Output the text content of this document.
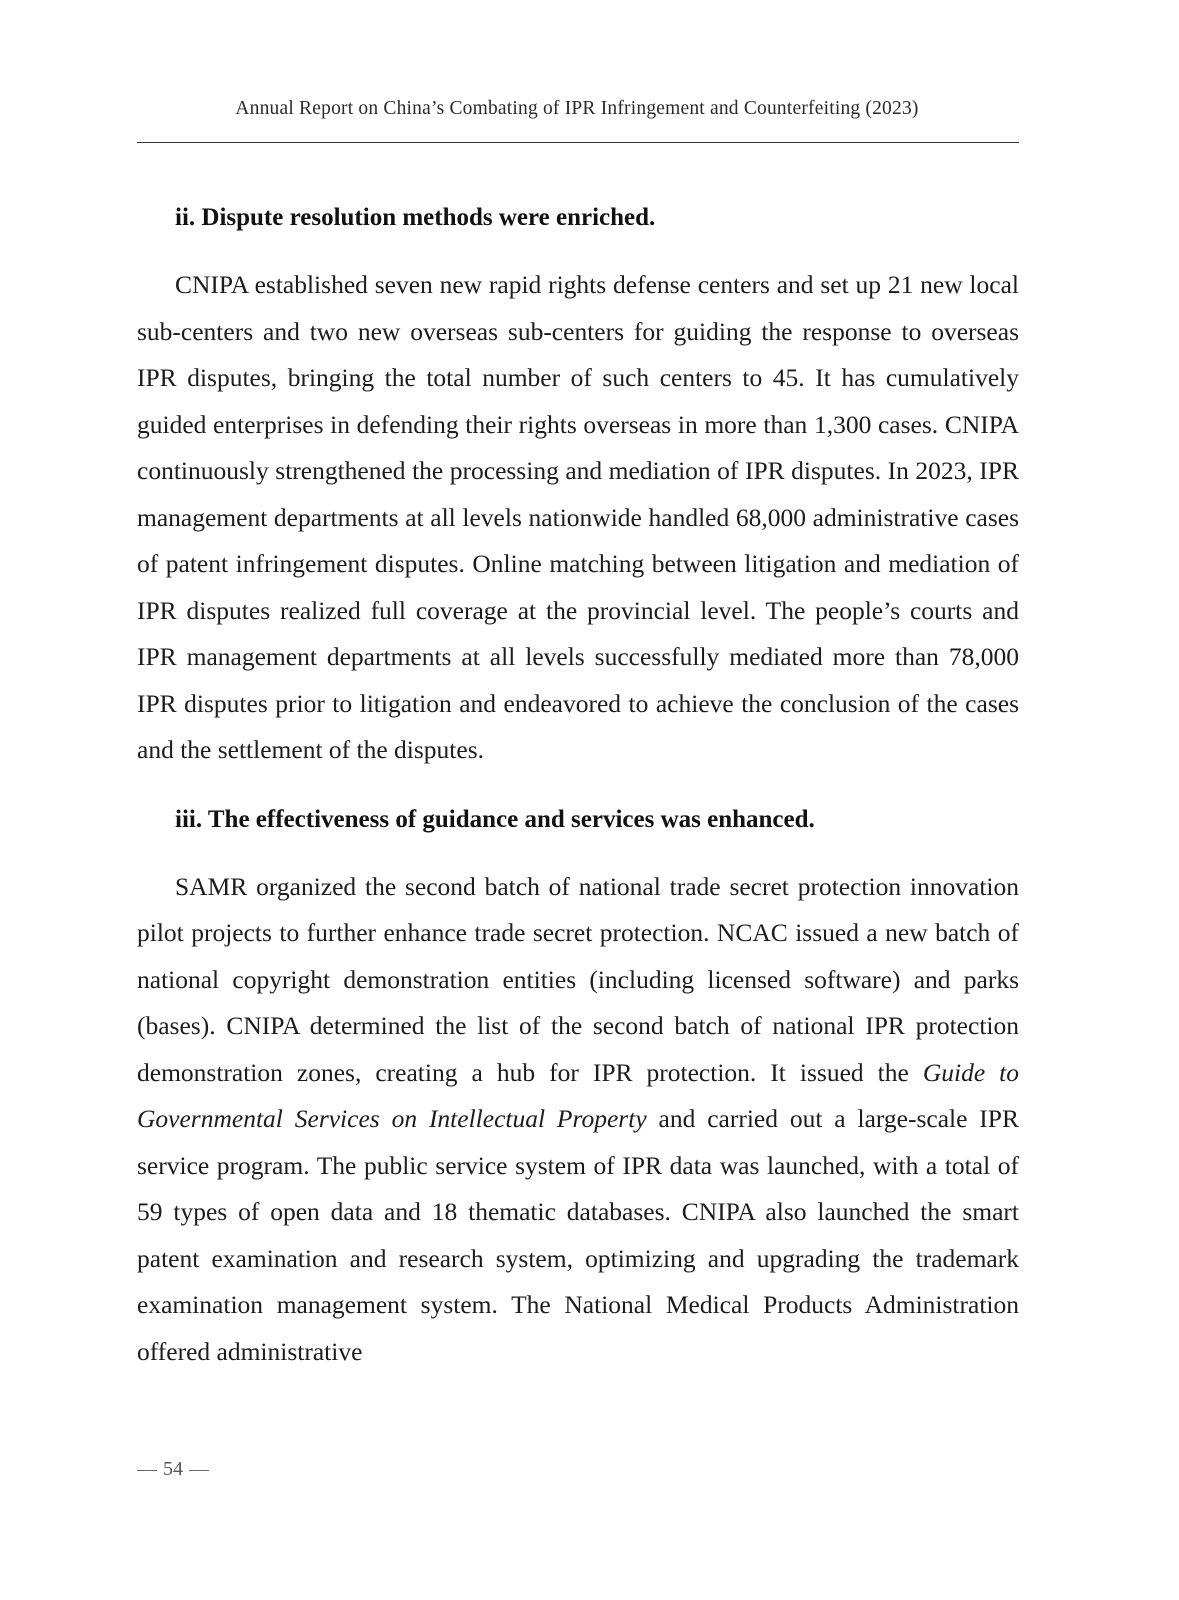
Annual Report on China’s Combating of IPR Infringement and Counterfeiting (2023)
ii. Dispute resolution methods were enriched.

CNIPA established seven new rapid rights defense centers and set up 21 new local sub-centers and two new overseas sub-centers for guiding the response to overseas IPR disputes, bringing the total number of such centers to 45. It has cumulatively guided enterprises in defending their rights overseas in more than 1,300 cases. CNIPA continuously strengthened the processing and mediation of IPR disputes. In 2023, IPR management departments at all levels nationwide handled 68,000 administrative cases of patent infringement disputes. Online matching between litigation and mediation of IPR disputes realized full coverage at the provincial level. The people’s courts and IPR management departments at all levels successfully mediated more than 78,000 IPR disputes prior to litigation and endeavored to achieve the conclusion of the cases and the settlement of the disputes.

iii. The effectiveness of guidance and services was enhanced.

SAMR organized the second batch of national trade secret protection innovation pilot projects to further enhance trade secret protection. NCAC issued a new batch of national copyright demonstration entities (including licensed software) and parks (bases). CNIPA determined the list of the second batch of national IPR protection demonstration zones, creating a hub for IPR protection. It issued the Guide to Governmental Services on Intellectual Property and carried out a large-scale IPR service program. The public service system of IPR data was launched, with a total of 59 types of open data and 18 thematic databases. CNIPA also launched the smart patent examination and research system, optimizing and upgrading the trademark examination management system. The National Medical Products Administration offered administrative

54
